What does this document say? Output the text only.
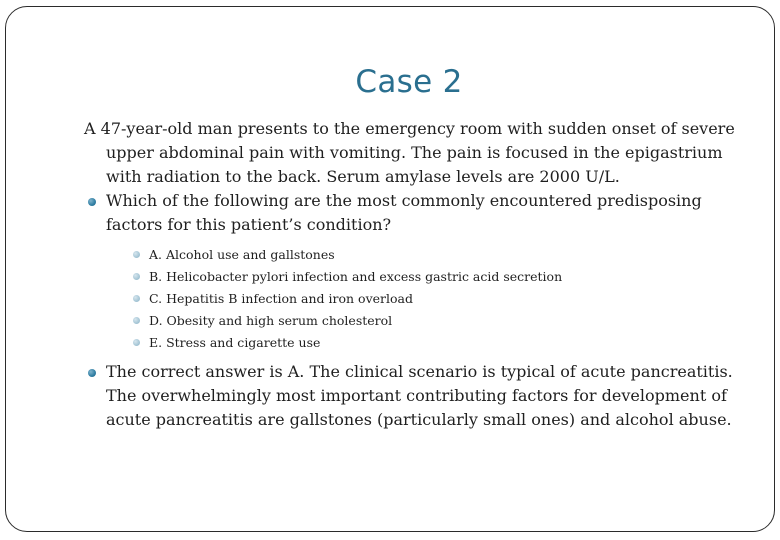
Case 2

A 47-year-old man presents to the emergency room with sudden onset of severe upper abdominal pain with vomiting. The pain is focused in the epigastrium with radiation to the back. Serum amylase levels are 2000 U/L.

Which of the following are the most commonly encountered predisposing factors for this patient’s condition?
A. Alcohol use and gallstones
B. Helicobacter pylori infection and excess gastric acid secretion
C. Hepatitis B infection and iron overload
D. Obesity and high serum cholesterol
E. Stress and cigarette use
The correct answer is A. The clinical scenario is typical of acute pancreatitis. The overwhelmingly most important contributing factors for development of acute pancreatitis are gallstones (particularly small ones) and alcohol abuse.
